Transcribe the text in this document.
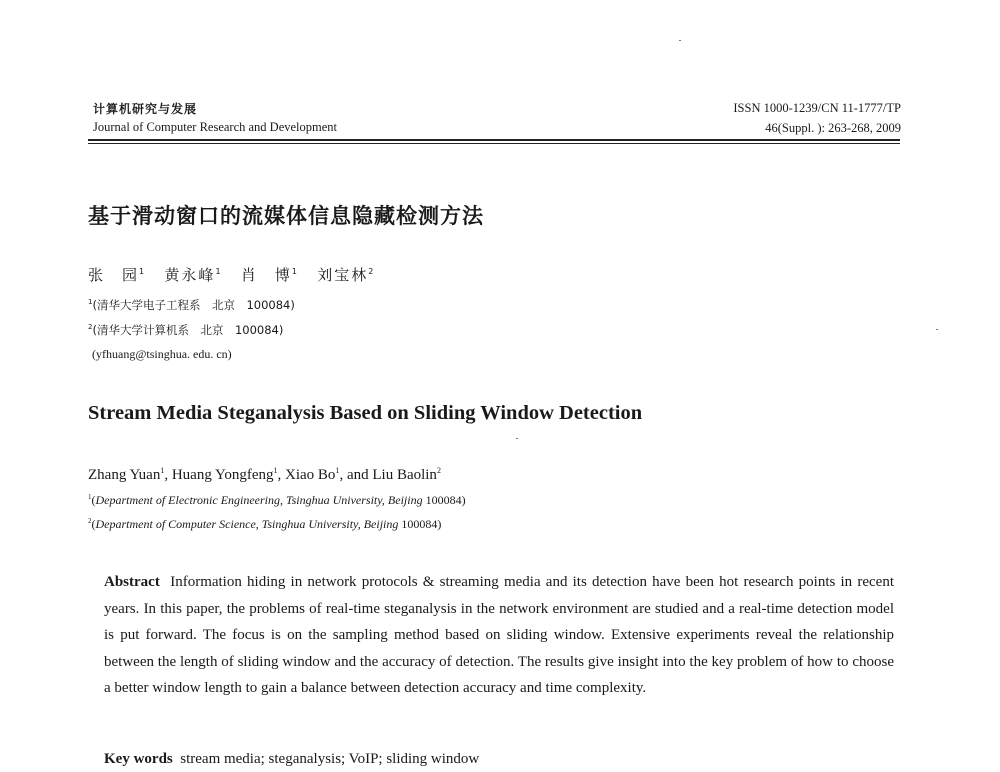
计算机研究与发展
Journal of Computer Research and Development
ISSN 1000-1239/CN 11-1777/TP
46(Suppl. ): 263-268, 2009
基于滑动窗口的流媒体信息隐藏检测方法
张　园$^1$ 黄永峰$^1$ 肖　博$^1$ 刘宝林$^2$
$^1$(清华大学电子工程系　北京　100084)
$^2$(清华大学计算机系　北京　100084)
(yfhuang@tsinghua. edu. cn)
Stream Media Steganalysis Based on Sliding Window Detection
Zhang Yuan$^1$, Huang Yongfeng$^1$, Xiao Bo$^1$, and Liu Baolin$^2$
$^1$(Department of Electronic Engineering, Tsinghua University, Beijing 100084)
$^2$(Department of Computer Science, Tsinghua University, Beijing 100084)
Abstract Information hiding in network protocols & streaming media and its detection have been hot research points in recent years. In this paper, the problems of real-time steganalysis in the network environment are studied and a real-time detection model is put forward. The focus is on the sampling method based on sliding window. Extensive experiments reveal the relationship between the length of sliding window and the accuracy of detection. The results give insight into the key problem of how to choose a better window length to gain a balance between detection accuracy and time complexity.
Key words stream media; steganalysis; VoIP; sliding window
